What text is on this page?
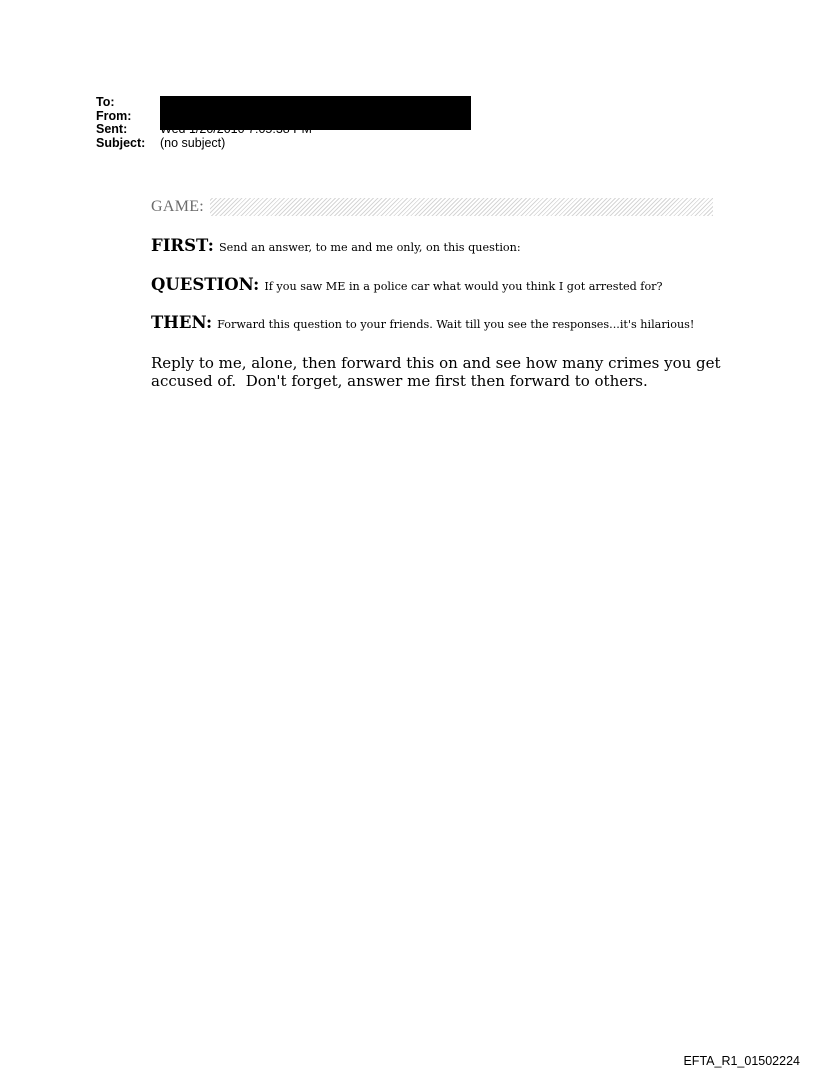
To:
From:
Sent:
Subject:	(no subject)
GAME:
FIRST: Send an answer, to me and me only, on this question:
QUESTION: If you saw ME in a police car what would you think I got arrested for?
THEN: Forward this question to your friends. Wait till you see the responses...it's hilarious!
Reply to me, alone, then forward this on and see how many crimes you get
accused of.  Don't forget, answer me first then forward to others.
EFTA_R1_01502224
